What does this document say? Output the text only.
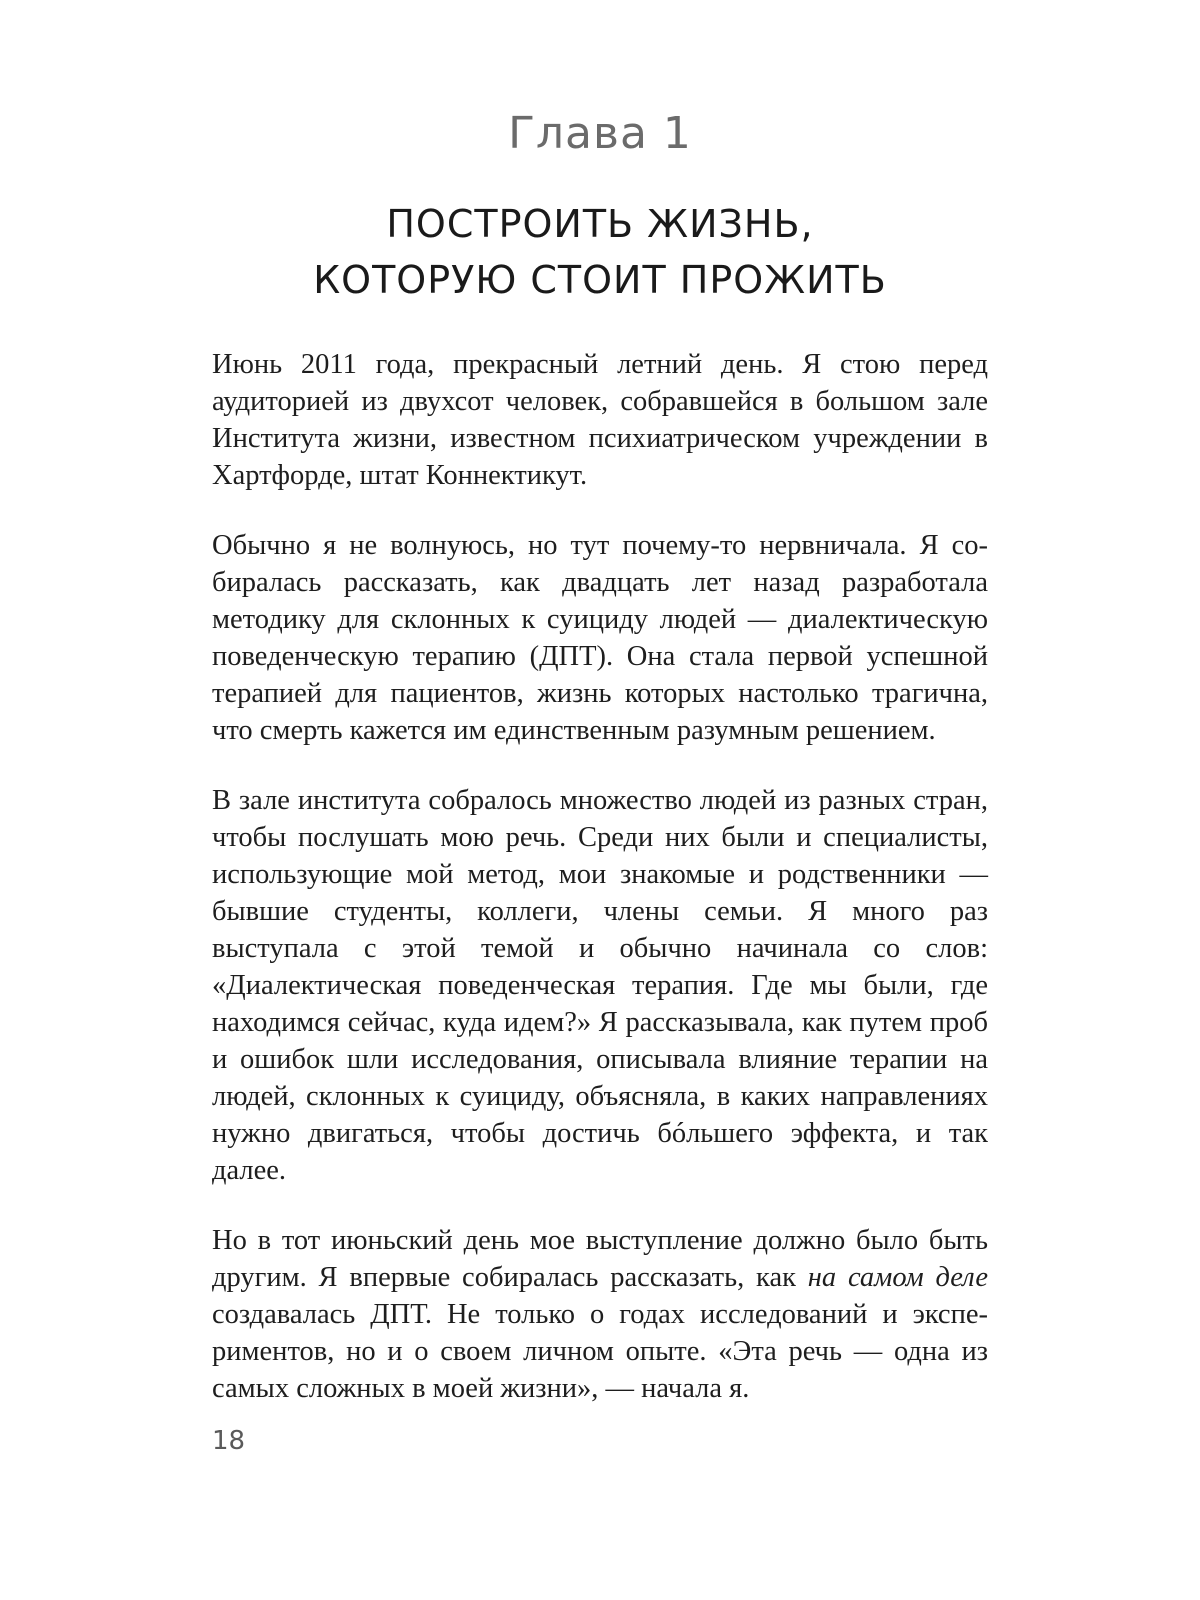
Глава 1
ПОСТРОИТЬ ЖИЗНЬ,
КОТОРУЮ СТОИТ ПРОЖИТЬ

Июнь 2011 года, прекрасный летний день. Я стою перед аудиторией из двухсот человек, собравшейся в большом зале Института жизни, известном психиатрическом учреждении в Хартфорде, штат Коннектикут.

Обычно я не волнуюсь, но тут почему-то нервничала. Я собиралась рассказать, как двадцать лет назад разработала методику для склонных к суициду людей — диалектическую поведенческую терапию (ДПТ). Она стала первой успешной терапией для пациентов, жизнь которых настолько трагична, что смерть кажется им единственным разумным решением.

В зале института собралось множество людей из разных стран, чтобы послушать мою речь. Среди них были и специалисты, использующие мой метод, мои знакомые и родственники — бывшие студенты, коллеги, члены семьи. Я много раз выступала с этой темой и обычно начинала со слов: «Диалектическая поведенческая терапия. Где мы были, где находимся сейчас, куда идем?» Я рассказывала, как путем проб и ошибок шли исследования, описывала влияние терапии на людей, склонных к суициду, объясняла, в каких направлениях нужно двигаться, чтобы достичь бóльшего эффекта, и так далее.

Но в тот июньский день мое выступление должно было быть другим. Я впервые собиралась рассказать, как на самом деле создавалась ДПТ. Не только о годах исследований и экспериментов, но и о своем личном опыте. «Эта речь — одна из самых сложных в моей жизни», — начала я.

18
